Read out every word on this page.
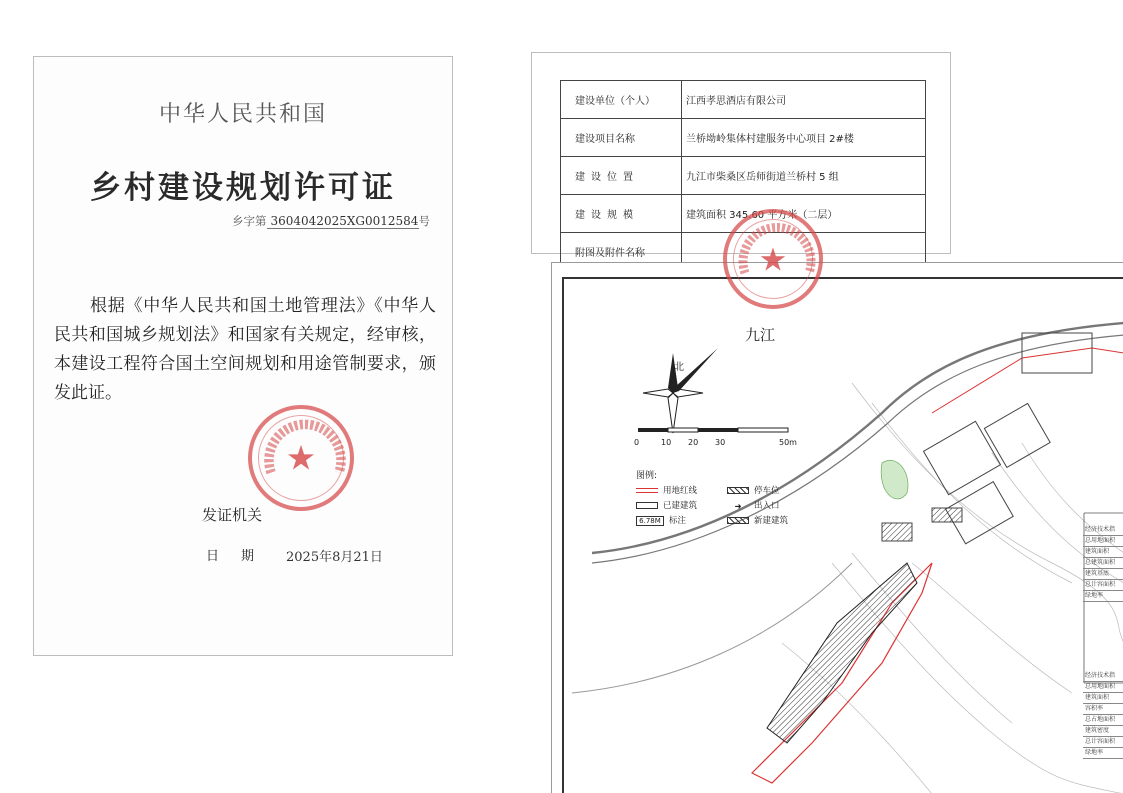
中华人民共和国
乡村建设规划许可证
乡字第 3604042025XG0012584号
根据《中华人民共和国土地管理法》《中华人民共和国城乡规划法》和国家有关规定，经审核，本建设工程符合国土空间规划和用途管制要求，颁发此证。
发证机关
日期 2025年8月21日
★
建设单位（个人）	江西孝思酒店有限公司
建设项目名称	兰桥坳岭集体村建服务中心项目 2#楼
建设位置	九江市柴桑区岳师街道兰桥村 5 组
建设规模	建筑面积 345.60 平方米（二层）
附图及附件名称	
九江
北
0	10 20 30	50m
图例:
用地红线	停车位
已建建筑	➜ 出入口
6.78M 标注	新建建筑
经济技术指
总用地面积
建筑面积
总建筑面积
建筑基底
总计容面积
绿地率
经济技术指
总用地面积
建筑面积
容积率
总占地面积
建筑密度
总计容面积
绿地率
★
